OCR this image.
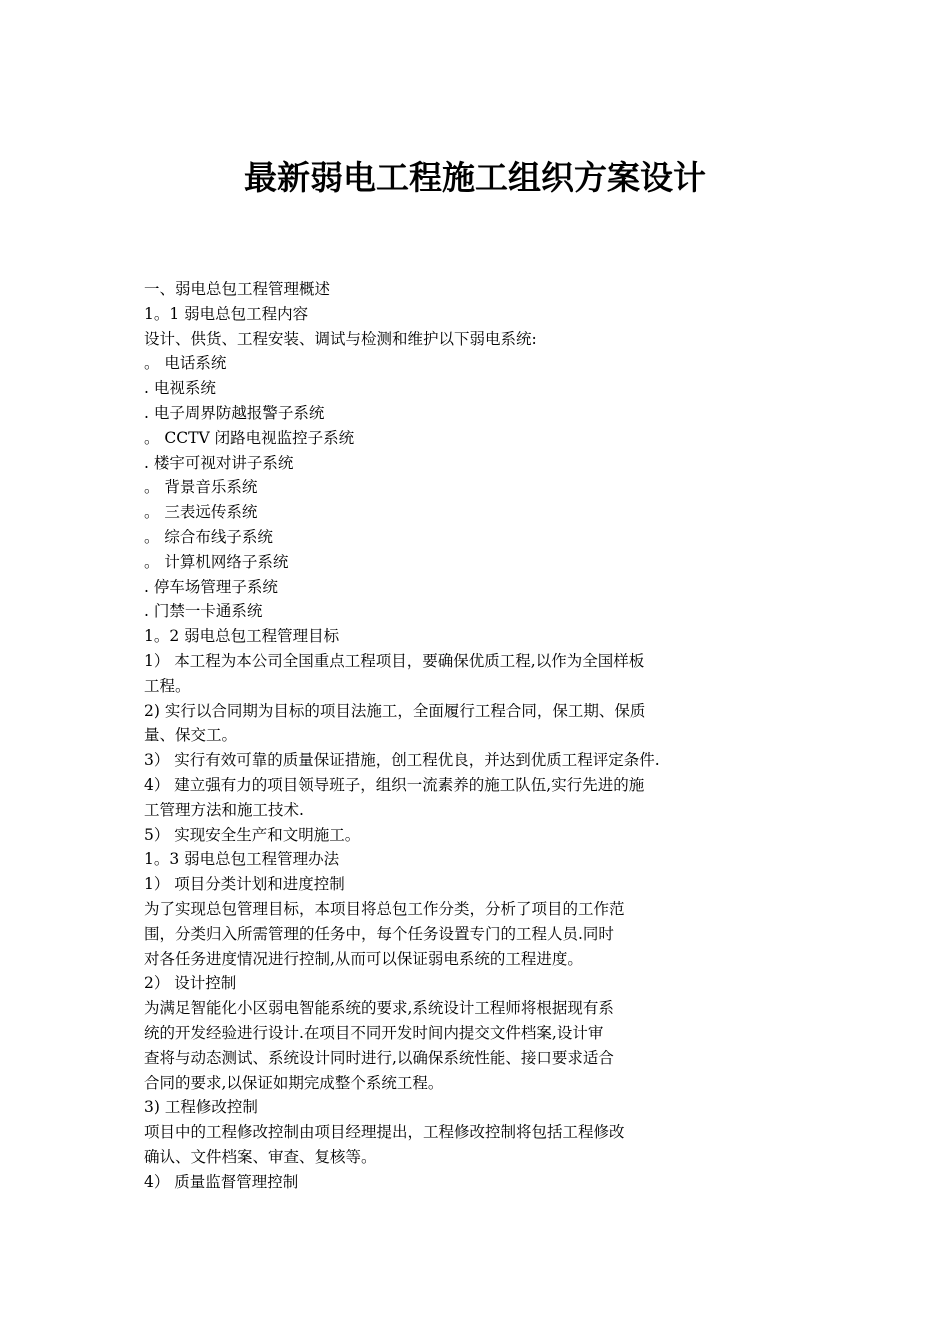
最新弱电工程施工组织方案设计

一、弱电总包工程管理概述

1。1 弱电总包工程内容

设计、供货、工程安装、调试与检测和维护以下弱电系统:

。 电话系统

. 电视系统

. 电子周界防越报警子系统

。 CCTV 闭路电视监控子系统

. 楼宇可视对讲子系统

。 背景音乐系统

。 三表远传系统

。 综合布线子系统

。 计算机网络子系统

. 停车场管理子系统

. 门禁一卡通系统

1。2 弱电总包工程管理目标

1） 本工程为本公司全国重点工程项目，要确保优质工程,以作为全国样板

工程。

2) 实行以合同期为目标的项目法施工，全面履行工程合同，保工期、保质

量、保交工。

3） 实行有效可靠的质量保证措施，创工程优良，并达到优质工程评定条件.

4） 建立强有力的项目领导班子，组织一流素养的施工队伍,实行先进的施

工管理方法和施工技术.

5） 实现安全生产和文明施工。

1。3 弱电总包工程管理办法

1） 项目分类计划和进度控制

为了实现总包管理目标，本项目将总包工作分类，分析了项目的工作范

围，分类归入所需管理的任务中，每个任务设置专门的工程人员.同时

对各任务进度情况进行控制,从而可以保证弱电系统的工程进度。

2） 设计控制

为满足智能化小区弱电智能系统的要求,系统设计工程师将根据现有系

统的开发经验进行设计.在项目不同开发时间内提交文件档案,设计审

查将与动态测试、系统设计同时进行,以确保系统性能、接口要求适合

合同的要求,以保证如期完成整个系统工程。

3) 工程修改控制

项目中的工程修改控制由项目经理提出，工程修改控制将包括工程修改

确认、文件档案、审查、复核等。

4） 质量监督管理控制
